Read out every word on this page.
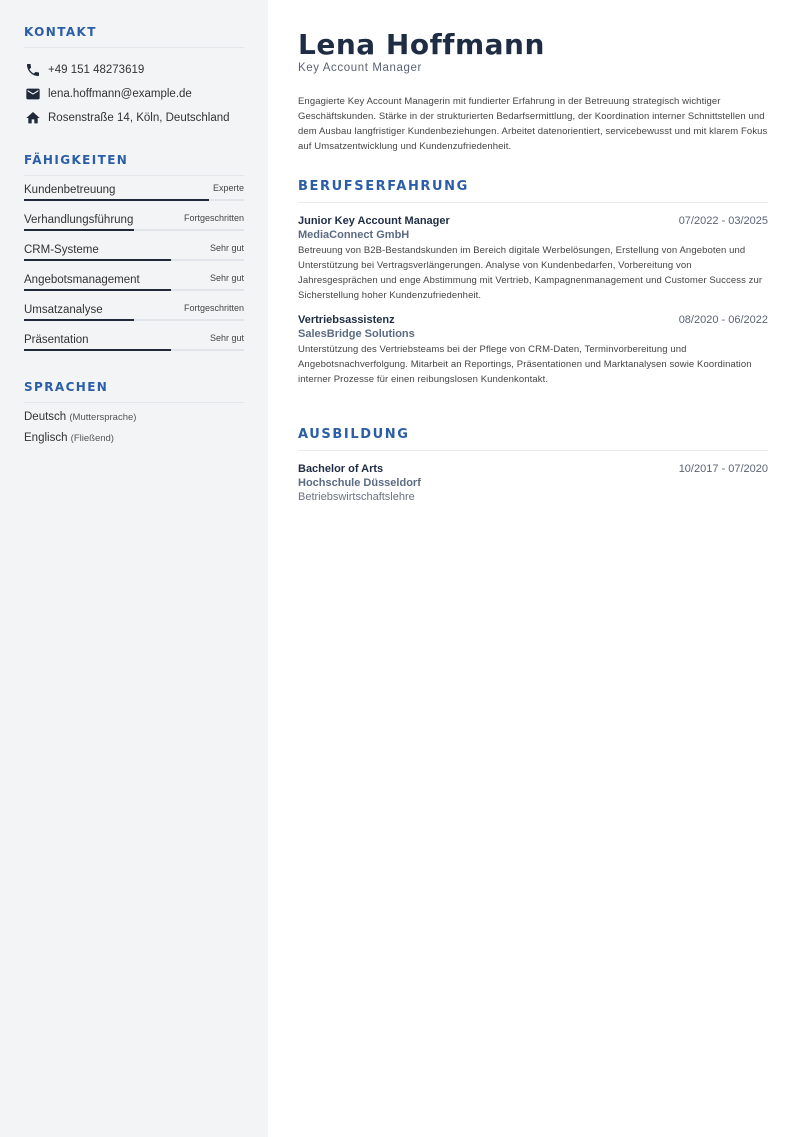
KONTAKT
+49 151 48273619
lena.hoffmann@example.de
Rosenstraße 14, Köln, Deutschland
FÄHIGKEITEN
Kundenbetreuung	Experte
Verhandlungsführung	Fortgeschritten
CRM-Systeme	Sehr gut
Angebotsmanagement	Sehr gut
Umsatzanalyse	Fortgeschritten
Präsentation	Sehr gut
SPRACHEN
Deutsch (Muttersprache)
Englisch (Fließend)
Lena Hoffmann
Key Account Manager

Engagierte Key Account Managerin mit fundierter Erfahrung in der Betreuung strategisch wichtiger Geschäftskunden. Stärke in der strukturierten Bedarfsermittlung, der Koordination interner Schnittstellen und dem Ausbau langfristiger Kundenbeziehungen. Arbeitet datenorientiert, servicebewusst und mit klarem Fokus auf Umsatzentwicklung und Kundenzufriedenheit.

BERUFSERFAHRUNG
Junior Key Account Manager	07/2022 - 03/2025
MediaConnect GmbH

Betreuung von B2B-Bestandskunden im Bereich digitale Werbelösungen, Erstellung von Angeboten und Unterstützung bei Vertragsverlängerungen. Analyse von Kundenbedarfen, Vorbereitung von Jahresgesprächen und enge Abstimmung mit Vertrieb, Kampagnenmanagement und Customer Success zur Sicherstellung hoher Kundenzufriedenheit.

Vertriebsassistenz	08/2020 - 06/2022
SalesBridge Solutions

Unterstützung des Vertriebsteams bei der Pflege von CRM-Daten, Terminvorbereitung und Angebotsnachverfolgung. Mitarbeit an Reportings, Präsentationen und Marktanalysen sowie Koordination interner Prozesse für einen reibungslosen Kundenkontakt.

AUSBILDUNG
Bachelor of Arts	10/2017 - 07/2020
Hochschule Düsseldorf
Betriebswirtschaftslehre
